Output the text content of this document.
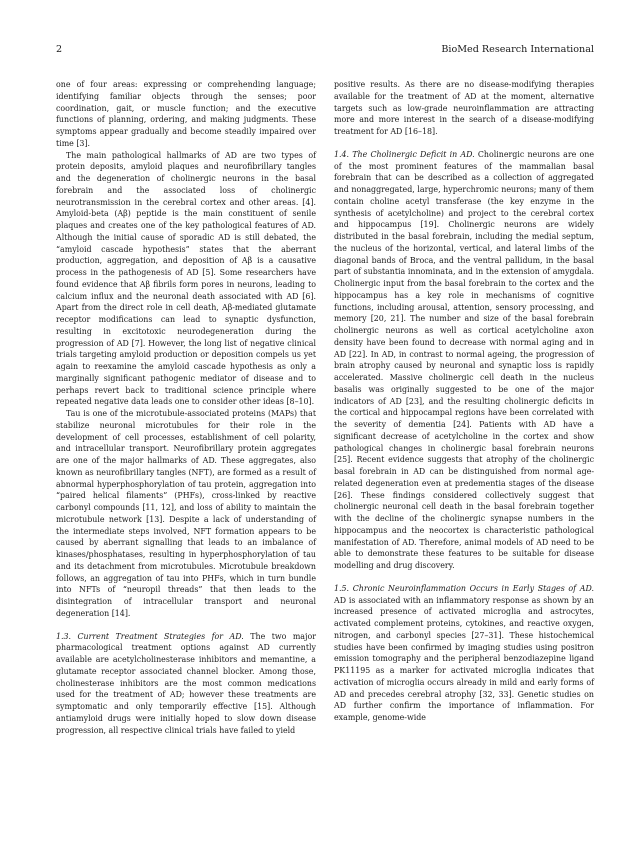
2	BioMed Research International

one of four areas: expressing or comprehending language; identifying familiar objects through the senses; poor coordination, gait, or muscle function; and the executive functions of planning, ordering, and making judgments. These symptoms appear gradually and become steadily impaired over time [3].

The main pathological hallmarks of AD are two types of protein deposits, amyloid plaques and neurofibrillary tangles and the degeneration of cholinergic neurons in the basal forebrain and the associated loss of cholinergic neurotransmission in the cerebral cortex and other areas. [4]. Amyloid-beta (Aβ) peptide is the main constituent of senile plaques and creates one of the key pathological features of AD. Although the initial cause of sporadic AD is still debated, the “amyloid cascade hypothesis” states that the aberrant production, aggregation, and deposition of Aβ is a causative process in the pathogenesis of AD [5]. Some researchers have found evidence that Aβ fibrils form pores in neurons, leading to calcium influx and the neuronal death associated with AD [6]. Apart from the direct role in cell death, Aβ-mediated glutamate receptor modifications can lead to synaptic dysfunction, resulting in excitotoxic neurodegeneration during the progression of AD [7]. However, the long list of negative clinical trials targeting amyloid production or deposition compels us yet again to reexamine the amyloid cascade hypothesis as only a marginally significant pathogenic mediator of disease and to perhaps revert back to traditional science principle where repeated negative data leads one to consider other ideas [8–10].

Tau is one of the microtubule-associated proteins (MAPs) that stabilize neuronal microtubules for their role in the development of cell processes, establishment of cell polarity, and intracellular transport. Neurofibrillary protein aggregates are one of the major hallmarks of AD. These aggregates, also known as neurofibrillary tangles (NFT), are formed as a result of abnormal hyperphosphorylation of tau protein, aggregation into “paired helical filaments” (PHFs), cross-linked by reactive carbonyl compounds [11, 12], and loss of ability to maintain the microtubule network [13]. Despite a lack of understanding of the intermediate steps involved, NFT formation appears to be caused by aberrant signalling that leads to an imbalance of kinases/phosphatases, resulting in hyperphosphorylation of tau and its detachment from microtubules. Microtubule breakdown follows, an aggregation of tau into PHFs, which in turn bundle into NFTs of “neuropil threads” that then leads to the disintegration of intracellular transport and neuronal degeneration [14].

1.3. Current Treatment Strategies for AD. The two major pharmacological treatment options against AD currently available are acetylcholinesterase inhibitors and memantine, a glutamate receptor associated channel blocker. Among those, cholinesterase inhibitors are the most common medications used for the treatment of AD; however these treatments are symptomatic and only temporarily effective [15]. Although antiamyloid drugs were initially hoped to slow down disease progression, all respective clinical trials have failed to yield

positive results. As there are no disease-modifying therapies available for the treatment of AD at the moment, alternative targets such as low-grade neuroinflammation are attracting more and more interest in the search of a disease-modifying treatment for AD [16–18].

1.4. The Cholinergic Deficit in AD. Cholinergic neurons are one of the most prominent features of the mammalian basal forebrain that can be described as a collection of aggregated and nonaggregated, large, hyperchromic neurons; many of them contain choline acetyl transferase (the key enzyme in the synthesis of acetylcholine) and project to the cerebral cortex and hippocampus [19]. Cholinergic neurons are widely distributed in the basal forebrain, including the medial septum, the nucleus of the horizontal, vertical, and lateral limbs of the diagonal bands of Broca, and the ventral pallidum, in the basal part of substantia innominata, and in the extension of amygdala. Cholinergic input from the basal forebrain to the cortex and the hippocampus has a key role in mechanisms of cognitive functions, including arousal, attention, sensory processing, and memory [20, 21]. The number and size of the basal forebrain cholinergic neurons as well as cortical acetylcholine axon density have been found to decrease with normal aging and in AD [22]. In AD, in contrast to normal ageing, the progression of brain atrophy caused by neuronal and synaptic loss is rapidly accelerated. Massive cholinergic cell death in the nucleus basalis was originally suggested to be one of the major indicators of AD [23], and the resulting cholinergic deficits in the cortical and hippocampal regions have been correlated with the severity of dementia [24]. Patients with AD have a significant decrease of acetylcholine in the cortex and show pathological changes in cholinergic basal forebrain neurons [25]. Recent evidence suggests that atrophy of the cholinergic basal forebrain in AD can be distinguished from normal age-related degeneration even at predementia stages of the disease [26]. These findings considered collectively suggest that cholinergic neuronal cell death in the basal forebrain together with the decline of the cholinergic synapse numbers in the hippocampus and the neocortex is characteristic pathological manifestation of AD. Therefore, animal models of AD need to be able to demonstrate these features to be suitable for disease modelling and drug discovery.

1.5. Chronic Neuroinflammation Occurs in Early Stages of AD. AD is associated with an inflammatory response as shown by an increased presence of activated microglia and astrocytes, activated complement proteins, cytokines, and reactive oxygen, nitrogen, and carbonyl species [27–31]. These histochemical studies have been confirmed by imaging studies using positron emission tomography and the peripheral benzodiazepine ligand PK11195 as a marker for activated microglia indicates that activation of microglia occurs already in mild and early forms of AD and precedes cerebral atrophy [32, 33]. Genetic studies on AD further confirm the importance of inflammation. For example, genome-wide
